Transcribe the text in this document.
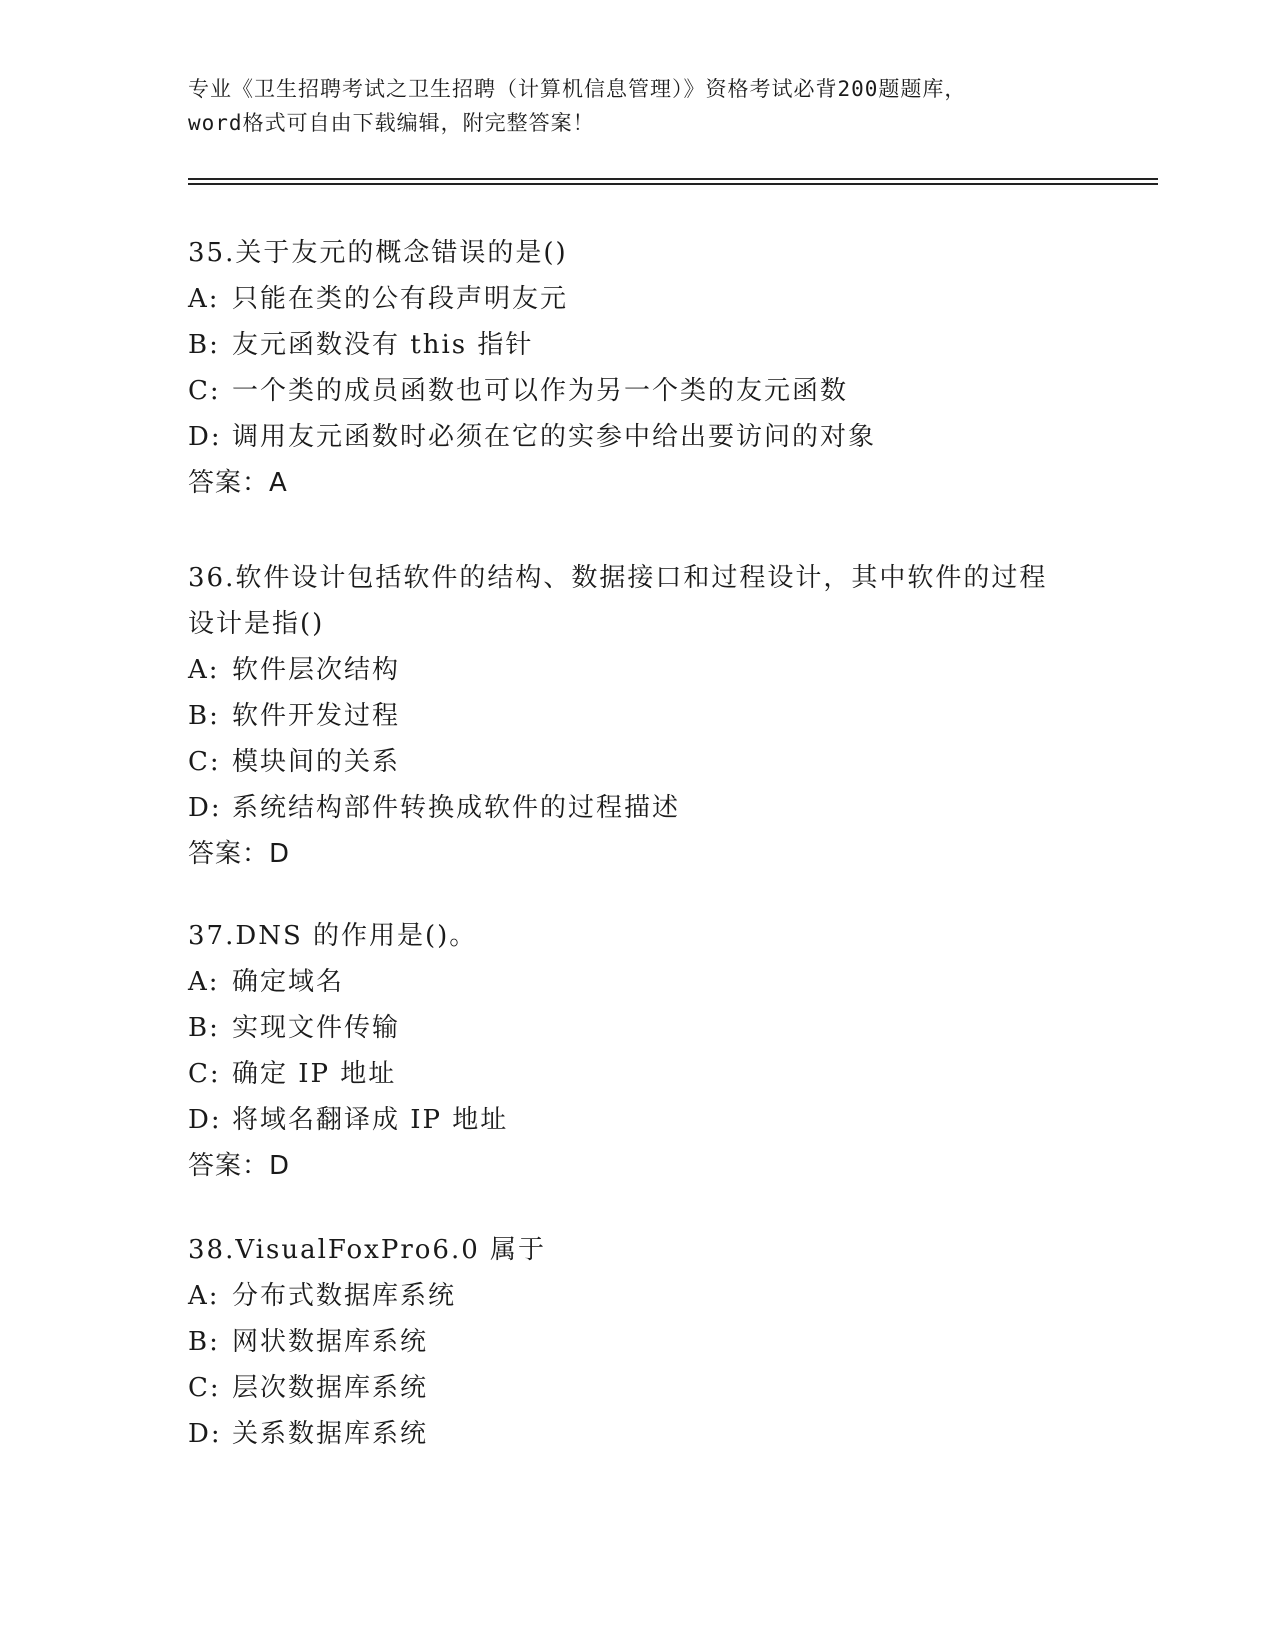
专业《卫生招聘考试之卫生招聘（计算机信息管理）》资格考试必背200题题库，
word格式可自由下载编辑，附完整答案！
35.关于友元的概念错误的是()
A: 只能在类的公有段声明友元
B: 友元函数没有 this 指针
C: 一个类的成员函数也可以作为另一个类的友元函数
D: 调用友元函数时必须在它的实参中给出要访问的对象
答案：A
36.软件设计包括软件的结构、数据接口和过程设计，其中软件的过程
设计是指()
A: 软件层次结构
B: 软件开发过程
C: 模块间的关系
D: 系统结构部件转换成软件的过程描述
答案：D
37.DNS 的作用是()。
A: 确定域名
B: 实现文件传输
C: 确定 IP 地址
D: 将域名翻译成 IP 地址
答案：D
38.VisualFoxPro6.0 属于
A: 分布式数据库系统
B: 网状数据库系统
C: 层次数据库系统
D: 关系数据库系统
